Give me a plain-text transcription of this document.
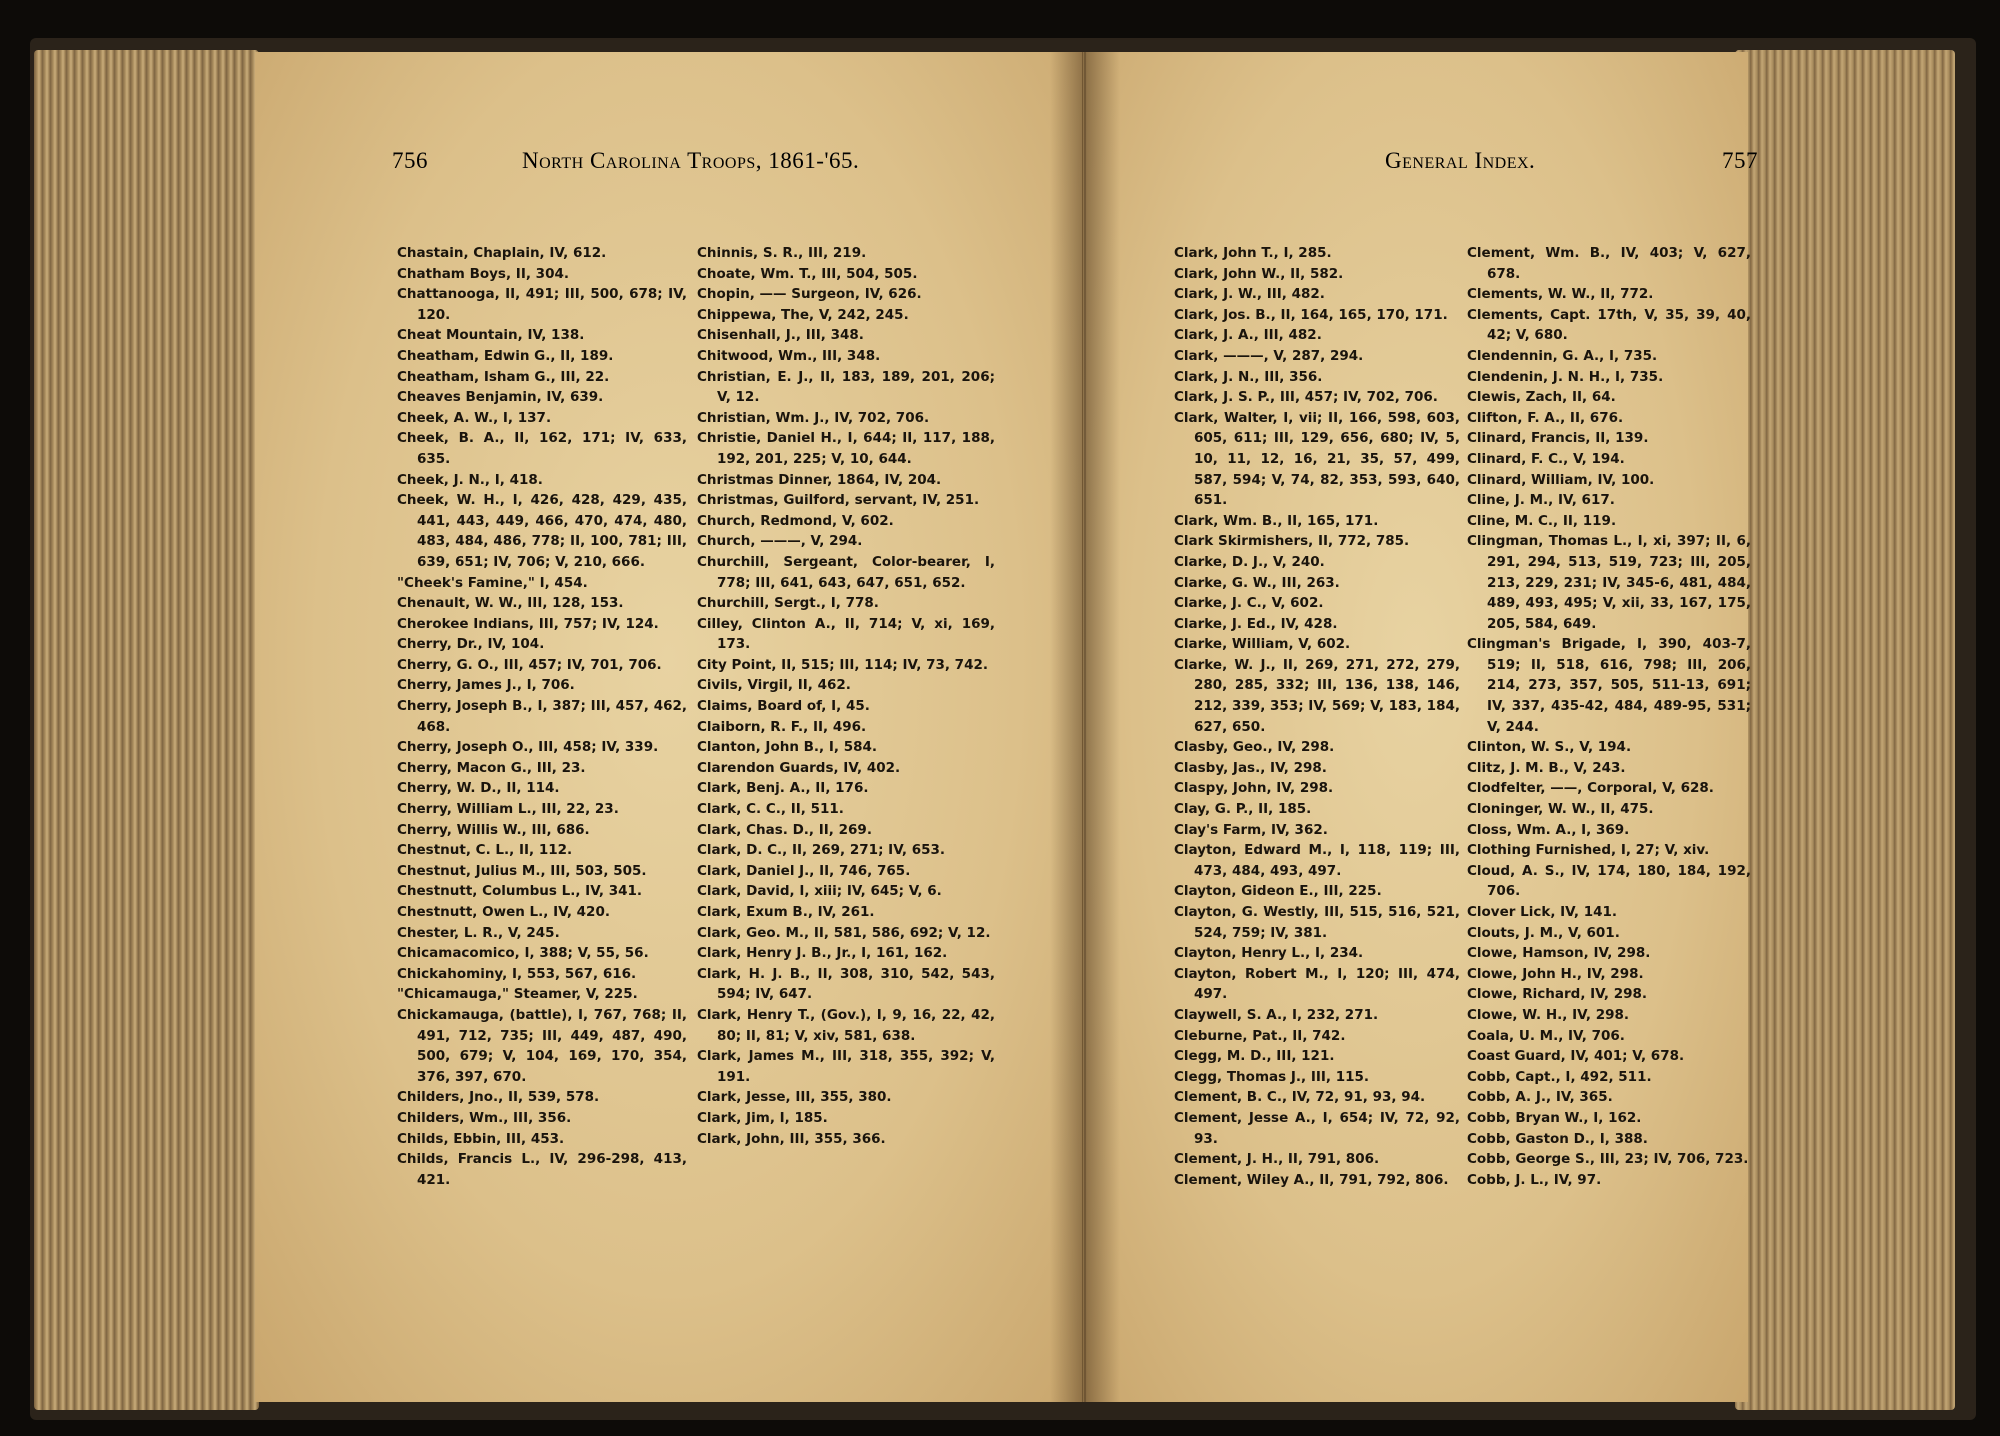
756	North Carolina Troops, 1861-'65.	General Index.	757

Chastain, Chaplain, IV, 612.

Chatham Boys, II, 304.

Chattanooga, II, 491; III, 500, 678; IV, 120.

Cheat Mountain, IV, 138.

Cheatham, Edwin G., II, 189.

Cheatham, Isham G., III, 22.

Cheaves Benjamin, IV, 639.

Cheek, A. W., I, 137.

Cheek, B. A., II, 162, 171; IV, 633, 635.

Cheek, J. N., I, 418.

Cheek, W. H., I, 426, 428, 429, 435, 441, 443, 449, 466, 470, 474, 480, 483, 484, 486, 778; II, 100, 781; III, 639, 651; IV, 706; V, 210, 666.

"Cheek's Famine," I, 454.

Chenault, W. W., III, 128, 153.

Cherokee Indians, III, 757; IV, 124.

Cherry, Dr., IV, 104.

Cherry, G. O., III, 457; IV, 701, 706.

Cherry, James J., I, 706.

Cherry, Joseph B., I, 387; III, 457, 462, 468.

Cherry, Joseph O., III, 458; IV, 339.

Cherry, Macon G., III, 23.

Cherry, W. D., II, 114.

Cherry, William L., III, 22, 23.

Cherry, Willis W., III, 686.

Chestnut, C. L., II, 112.

Chestnut, Julius M., III, 503, 505.

Chestnutt, Columbus L., IV, 341.

Chestnutt, Owen L., IV, 420.

Chester, L. R., V, 245.

Chicamacomico, I, 388; V, 55, 56.

Chickahominy, I, 553, 567, 616.

"Chicamauga," Steamer, V, 225.

Chickamauga, (battle), I, 767, 768; II, 491, 712, 735; III, 449, 487, 490, 500, 679; V, 104, 169, 170, 354, 376, 397, 670.

Childers, Jno., II, 539, 578.

Childers, Wm., III, 356.

Childs, Ebbin, III, 453.

Childs, Francis L., IV, 296-298, 413, 421.

Chinnis, S. R., III, 219.

Choate, Wm. T., III, 504, 505.

Chopin, —— Surgeon, IV, 626.

Chippewa, The, V, 242, 245.

Chisenhall, J., III, 348.

Chitwood, Wm., III, 348.

Christian, E. J., II, 183, 189, 201, 206; V, 12.

Christian, Wm. J., IV, 702, 706.

Christie, Daniel H., I, 644; II, 117, 188, 192, 201, 225; V, 10, 644.

Christmas Dinner, 1864, IV, 204.

Christmas, Guilford, servant, IV, 251.

Church, Redmond, V, 602.

Church, ———, V, 294.

Churchill, Sergeant, Color-bearer, I, 778; III, 641, 643, 647, 651, 652.

Churchill, Sergt., I, 778.

Cilley, Clinton A., II, 714; V, xi, 169, 173.

City Point, II, 515; III, 114; IV, 73, 742.

Civils, Virgil, II, 462.

Claims, Board of, I, 45.

Claiborn, R. F., II, 496.

Clanton, John B., I, 584.

Clarendon Guards, IV, 402.

Clark, Benj. A., II, 176.

Clark, C. C., II, 511.

Clark, Chas. D., II, 269.

Clark, D. C., II, 269, 271; IV, 653.

Clark, Daniel J., II, 746, 765.

Clark, David, I, xiii; IV, 645; V, 6.

Clark, Exum B., IV, 261.

Clark, Geo. M., II, 581, 586, 692; V, 12.

Clark, Henry J. B., Jr., I, 161, 162.

Clark, H. J. B., II, 308, 310, 542, 543, 594; IV, 647.

Clark, Henry T., (Gov.), I, 9, 16, 22, 42, 80; II, 81; V, xiv, 581, 638.

Clark, James M., III, 318, 355, 392; V, 191.

Clark, Jesse, III, 355, 380.

Clark, Jim, I, 185.

Clark, John, III, 355, 366.

Clark, John T., I, 285.

Clark, John W., II, 582.

Clark, J. W., III, 482.

Clark, Jos. B., II, 164, 165, 170, 171.

Clark, J. A., III, 482.

Clark, ———, V, 287, 294.

Clark, J. N., III, 356.

Clark, J. S. P., III, 457; IV, 702, 706.

Clark, Walter, I, vii; II, 166, 598, 603, 605, 611; III, 129, 656, 680; IV, 5, 10, 11, 12, 16, 21, 35, 57, 499, 587, 594; V, 74, 82, 353, 593, 640, 651.

Clark, Wm. B., II, 165, 171.

Clark Skirmishers, II, 772, 785.

Clarke, D. J., V, 240.

Clarke, G. W., III, 263.

Clarke, J. C., V, 602.

Clarke, J. Ed., IV, 428.

Clarke, William, V, 602.

Clarke, W. J., II, 269, 271, 272, 279, 280, 285, 332; III, 136, 138, 146, 212, 339, 353; IV, 569; V, 183, 184, 627, 650.

Clasby, Geo., IV, 298.

Clasby, Jas., IV, 298.

Claspy, John, IV, 298.

Clay, G. P., II, 185.

Clay's Farm, IV, 362.

Clayton, Edward M., I, 118, 119; III, 473, 484, 493, 497.

Clayton, Gideon E., III, 225.

Clayton, G. Westly, III, 515, 516, 521, 524, 759; IV, 381.

Clayton, Henry L., I, 234.

Clayton, Robert M., I, 120; III, 474, 497.

Claywell, S. A., I, 232, 271.

Cleburne, Pat., II, 742.

Clegg, M. D., III, 121.

Clegg, Thomas J., III, 115.

Clement, B. C., IV, 72, 91, 93, 94.

Clement, Jesse A., I, 654; IV, 72, 92, 93.

Clement, J. H., II, 791, 806.

Clement, Wiley A., II, 791, 792, 806.

Clement, Wm. B., IV, 403; V, 627, 678.

Clements, W. W., II, 772.

Clements, Capt. 17th, V, 35, 39, 40, 42; V, 680.

Clendennin, G. A., I, 735.

Clendenin, J. N. H., I, 735.

Clewis, Zach, II, 64.

Clifton, F. A., II, 676.

Clinard, Francis, II, 139.

Clinard, F. C., V, 194.

Clinard, William, IV, 100.

Cline, J. M., IV, 617.

Cline, M. C., II, 119.

Clingman, Thomas L., I, xi, 397; II, 6, 291, 294, 513, 519, 723; III, 205, 213, 229, 231; IV, 345-6, 481, 484, 489, 493, 495; V, xii, 33, 167, 175, 205, 584, 649.

Clingman's Brigade, I, 390, 403-7, 519; II, 518, 616, 798; III, 206, 214, 273, 357, 505, 511-13, 691; IV, 337, 435-42, 484, 489-95, 531; V, 244.

Clinton, W. S., V, 194.

Clitz, J. M. B., V, 243.

Clodfelter, ——, Corporal, V, 628.

Cloninger, W. W., II, 475.

Closs, Wm. A., I, 369.

Clothing Furnished, I, 27; V, xiv.

Cloud, A. S., IV, 174, 180, 184, 192, 706.

Clover Lick, IV, 141.

Clouts, J. M., V, 601.

Clowe, Hamson, IV, 298.

Clowe, John H., IV, 298.

Clowe, Richard, IV, 298.

Clowe, W. H., IV, 298.

Coala, U. M., IV, 706.

Coast Guard, IV, 401; V, 678.

Cobb, Capt., I, 492, 511.

Cobb, A. J., IV, 365.

Cobb, Bryan W., I, 162.

Cobb, Gaston D., I, 388.

Cobb, George S., III, 23; IV, 706, 723.

Cobb, J. L., IV, 97.
